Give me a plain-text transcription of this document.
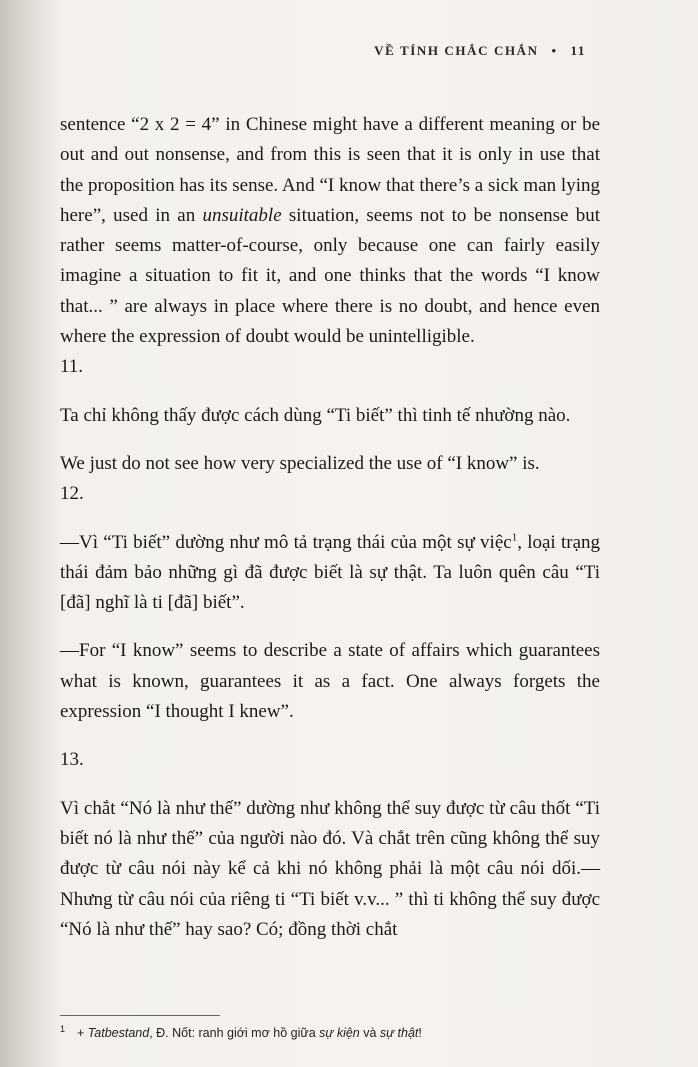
VỀ TÍNH CHẮC CHẮN • 11

sentence “2 x 2 = 4” in Chinese might have a different meaning or be out and out nonsense, and from this is seen that it is only in use that the proposition has its sense. And “I know that there’s a sick man lying here”, used in an unsuitable situation, seems not to be nonsense but rather seems matter-of-course, only because one can fairly easily imagine a situation to fit it, and one thinks that the words “I know that... ” are always in place where there is no doubt, and hence even where the expression of doubt would be unintelligible.

11.

Ta chỉ không thấy được cách dùng “Ti biết” thì tinh tế nhường nào.

We just do not see how very specialized the use of “I know” is.

12.

—Vì “Ti biết” dường như mô tả trạng thái của một sự việc$^1$, loại trạng thái đảm bảo những gì đã được biết là sự thật. Ta luôn quên câu “Ti [đã] nghĩ là ti [đã] biết”.

—For “I know” seems to describe a state of affairs which guarantees what is known, guarantees it as a fact. One always forgets the expression “I thought I knew”.

13.

Vì chắt “Nó là như thế” dường như không thể suy được từ câu thốt “Ti biết nó là như thế” của người nào đó. Và chắt trên cũng không thể suy được từ câu nói này kể cả khi nó không phải là một câu nói dối.—Nhưng từ câu nói của riêng ti “Ti biết v.v... ” thì ti không thể suy được “Nó là như thế” hay sao? Có; đồng thời chắt

$^1$ + Tatbestand, Đ. Nốt: ranh giới mơ hồ giữa sự kiện và sự thật!
